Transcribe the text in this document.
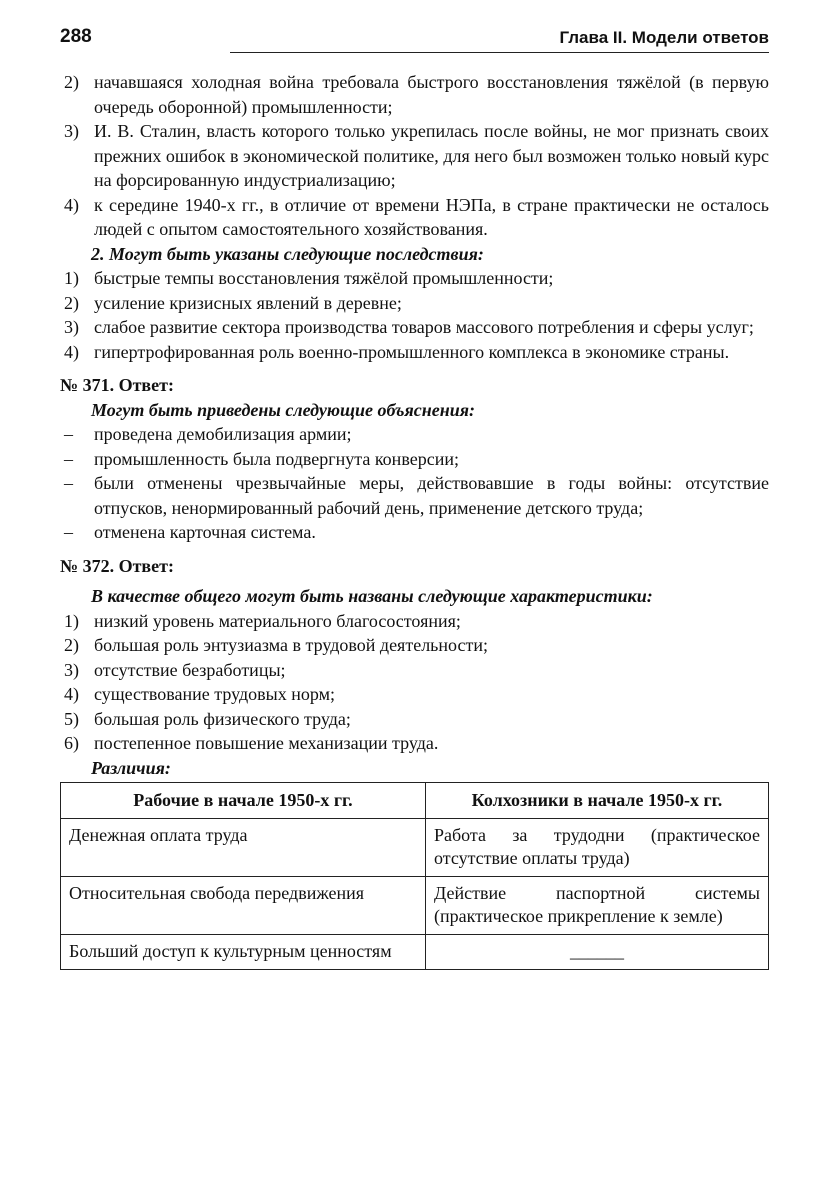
288	Глава II. Модели ответов
2) начавшаяся холодная война требовала быстрого восстановления тяжёлой (в первую очередь оборонной) промышленности;
3) И. В. Сталин, власть которого только укрепилась после войны, не мог признать своих прежних ошибок в экономической политике, для него был возможен только новый курс на форсированную индустриализацию;
4) к середине 1940-х гг., в отличие от времени НЭПа, в стране практически не осталось людей с опытом самостоятельного хозяйствования.
2. Могут быть указаны следующие последствия:
1) быстрые темпы восстановления тяжёлой промышленности;
2) усиление кризисных явлений в деревне;
3) слабое развитие сектора производства товаров массового потребления и сферы услуг;
4) гипертрофированная роль военно-промышленного комплекса в экономике страны.
№ 371. Ответ:
Могут быть приведены следующие объяснения:
–	проведена демобилизация армии;
–	промышленность была подвергнута конверсии;
–	были отменены чрезвычайные меры, действовавшие в годы войны: отсутствие отпусков, ненормированный рабочий день, применение детского труда;
–	отменена карточная система.
№ 372. Ответ:
В качестве общего могут быть названы следующие характеристики:
1) низкий уровень материального благосостояния;
2) большая роль энтузиазма в трудовой деятельности;
3) отсутствие безработицы;
4) существование трудовых норм;
5) большая роль физического труда;
6) постепенное повышение механизации труда.
Различия:
Рабочие в начале 1950-х гг.	Колхозники в начале 1950-х гг.
Денежная оплата труда	Работа за трудодни (практическое отсутствие оплаты труда)
Относительная свобода передвижения	Действие паспортной системы (практическое прикрепление к земле)
Больший доступ к культурным ценностям	______
